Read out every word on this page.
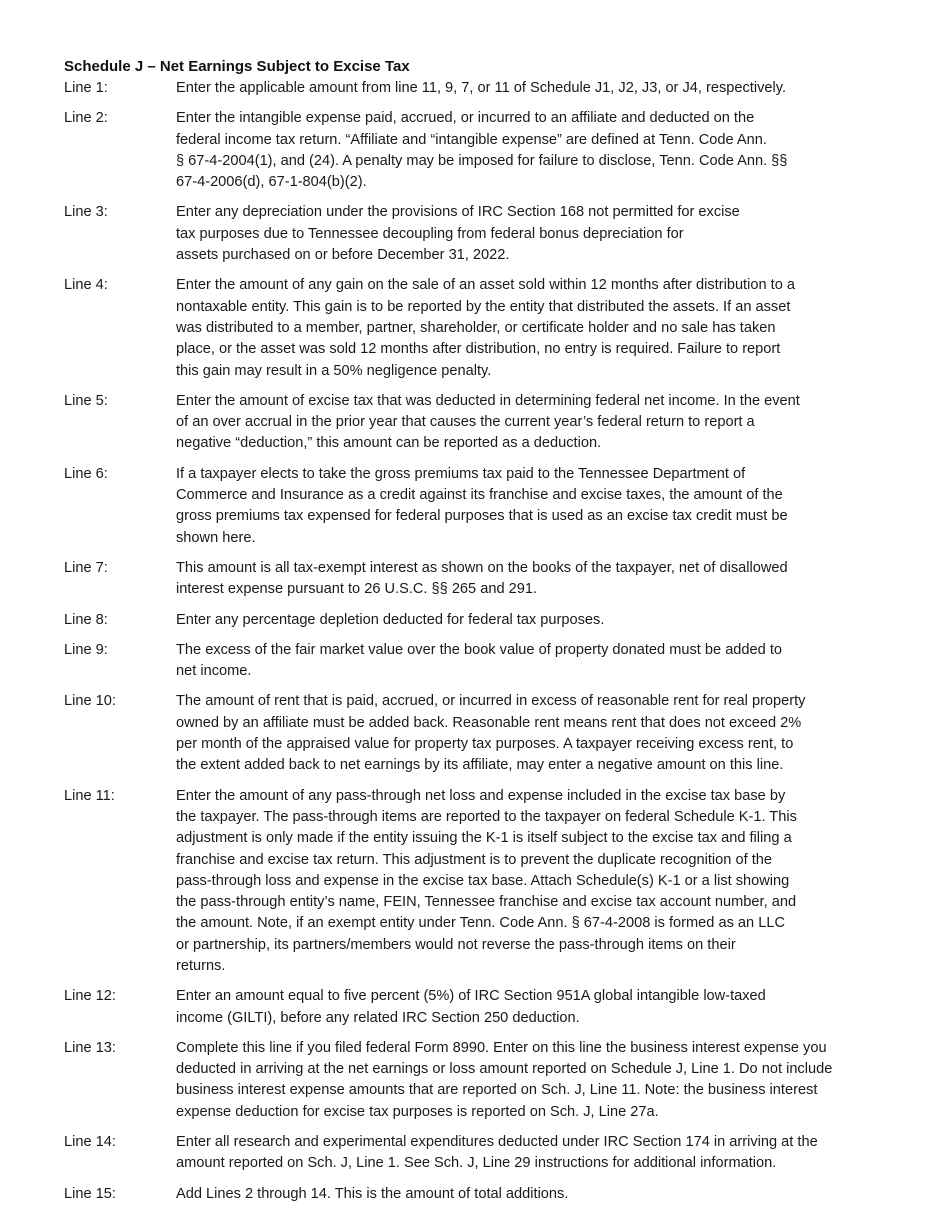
Schedule J – Net Earnings Subject to Excise Tax
Line 1:	Enter the applicable amount from line 11, 9, 7, or 11 of Schedule J1, J2, J3, or J4, respectively.
Line 2:	Enter the intangible expense paid, accrued, or incurred to an affiliate and deducted on the
federal income tax return. “Affiliate and “intangible expense” are defined at Tenn. Code Ann.
§ 67-4-2004(1), and (24). A penalty may be imposed for failure to disclose, Tenn. Code Ann. §§
67-4-2006(d), 67-1-804(b)(2).
Line 3:	Enter any depreciation under the provisions of IRC Section 168 not permitted for excise
tax purposes due to Tennessee decoupling from federal bonus depreciation for
assets purchased on or before December 31, 2022.
Line 4:	Enter the amount of any gain on the sale of an asset sold within 12 months after distribution to a
nontaxable entity. This gain is to be reported by the entity that distributed the assets. If an asset
was distributed to a member, partner, shareholder, or certificate holder and no sale has taken
place, or the asset was sold 12 months after distribution, no entry is required. Failure to report
this gain may result in a 50% negligence penalty.
Line 5:	Enter the amount of excise tax that was deducted in determining federal net income. In the event
of an over accrual in the prior year that causes the current year’s federal return to report a
negative “deduction,” this amount can be reported as a deduction.
Line 6:	If a taxpayer elects to take the gross premiums tax paid to the Tennessee Department of
Commerce and Insurance as a credit against its franchise and excise taxes, the amount of the
gross premiums tax expensed for federal purposes that is used as an excise tax credit must be
shown here.
Line 7:	This amount is all tax-exempt interest as shown on the books of the taxpayer, net of disallowed
interest expense pursuant to 26 U.S.C. §§ 265 and 291.
Line 8:	Enter any percentage depletion deducted for federal tax purposes.
Line 9:	The excess of the fair market value over the book value of property donated must be added to
net income.
Line 10:	The amount of rent that is paid, accrued, or incurred in excess of reasonable rent for real property
owned by an affiliate must be added back. Reasonable rent means rent that does not exceed 2%
per month of the appraised value for property tax purposes. A taxpayer receiving excess rent, to
the extent added back to net earnings by its affiliate, may enter a negative amount on this line.
Line 11:	Enter the amount of any pass-through net loss and expense included in the excise tax base by
the taxpayer. The pass-through items are reported to the taxpayer on federal Schedule K-1. This
adjustment is only made if the entity issuing the K-1 is itself subject to the excise tax and filing a
franchise and excise tax return. This adjustment is to prevent the duplicate recognition of the
pass-through loss and expense in the excise tax base. Attach Schedule(s) K-1 or a list showing
the pass-through entity’s name, FEIN, Tennessee franchise and excise tax account number, and
the amount. Note, if an exempt entity under Tenn. Code Ann. § 67-4-2008 is formed as an LLC
or partnership, its partners/members would not reverse the pass-through items on their
returns.
Line 12:	Enter an amount equal to five percent (5%) of IRC Section 951A global intangible low-taxed
income (GILTI), before any related IRC Section 250 deduction.
Line 13:	Complete this line if you filed federal Form 8990. Enter on this line the business interest expense you
deducted in arriving at the net earnings or loss amount reported on Schedule J, Line 1. Do not include
business interest expense amounts that are reported on Sch. J, Line 11. Note: the business interest
expense deduction for excise tax purposes is reported on Sch. J, Line 27a.
Line 14:	Enter all research and experimental expenditures deducted under IRC Section 174 in arriving at the
amount reported on Sch. J, Line 1. See Sch. J, Line 29 instructions for additional information.
Line 15:	Add Lines 2 through 14. This is the amount of total additions.
